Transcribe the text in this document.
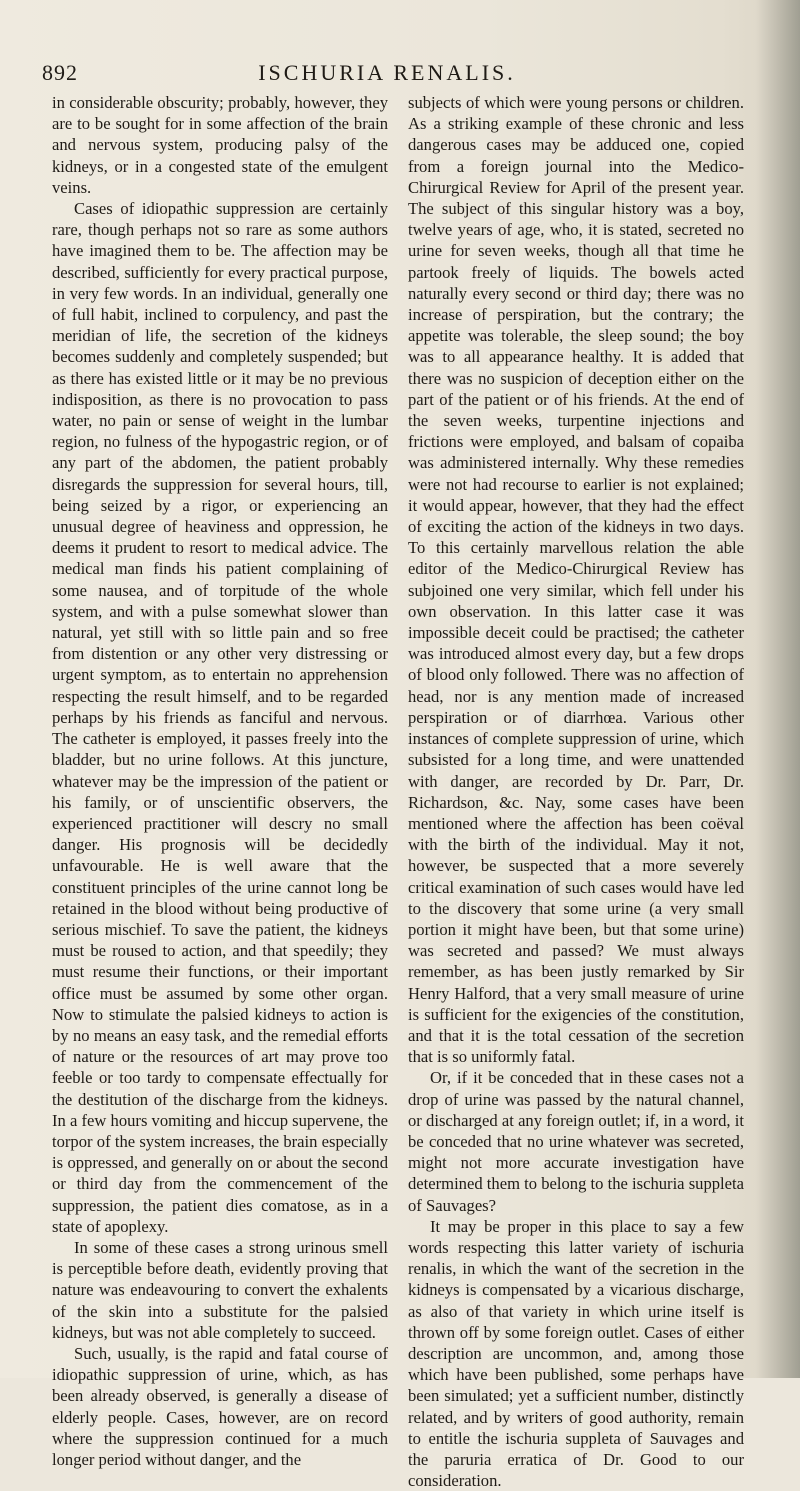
892	ISCHURIA RENALIS.

in considerable obscurity; probably, however, they are to be sought for in some affection of the brain and nervous system, producing palsy of the kidneys, or in a congested state of the emulgent veins.

Cases of idiopathic suppression are certainly rare, though perhaps not so rare as some authors have imagined them to be. The affection may be described, sufficiently for every practical purpose, in very few words. In an individual, generally one of full habit, inclined to corpulency, and past the meridian of life, the secretion of the kidneys becomes suddenly and completely suspended; but as there has existed little or it may be no previous indisposition, as there is no provocation to pass water, no pain or sense of weight in the lumbar region, no fulness of the hypogastric region, or of any part of the abdomen, the patient probably disregards the suppression for several hours, till, being seized by a rigor, or experiencing an unusual degree of heaviness and oppression, he deems it prudent to resort to medical advice. The medical man finds his patient complaining of some nausea, and of torpitude of the whole system, and with a pulse somewhat slower than natural, yet still with so little pain and so free from distention or any other very distressing or urgent symptom, as to entertain no apprehension respecting the result himself, and to be regarded perhaps by his friends as fanciful and nervous. The catheter is employed, it passes freely into the bladder, but no urine follows. At this juncture, whatever may be the impression of the patient or his family, or of unscientific observers, the experienced practitioner will descry no small danger. His prognosis will be decidedly unfavourable. He is well aware that the constituent principles of the urine cannot long be retained in the blood without being productive of serious mischief. To save the patient, the kidneys must be roused to action, and that speedily; they must resume their functions, or their important office must be assumed by some other organ. Now to stimulate the palsied kidneys to action is by no means an easy task, and the remedial efforts of nature or the resources of art may prove too feeble or too tardy to compensate effectually for the destitution of the discharge from the kidneys. In a few hours vomiting and hiccup supervene, the torpor of the system increases, the brain especially is oppressed, and generally on or about the second or third day from the commencement of the suppression, the patient dies comatose, as in a state of apoplexy.

In some of these cases a strong urinous smell is perceptible before death, evidently proving that nature was endeavouring to convert the exhalents of the skin into a substitute for the palsied kidneys, but was not able completely to succeed.

Such, usually, is the rapid and fatal course of idiopathic suppression of urine, which, as has been already observed, is generally a disease of elderly people. Cases, however, are on record where the suppression continued for a much longer period without danger, and the

subjects of which were young persons or children. As a striking example of these chronic and less dangerous cases may be adduced one, copied from a foreign journal into the Medico-Chirurgical Review for April of the present year. The subject of this singular history was a boy, twelve years of age, who, it is stated, secreted no urine for seven weeks, though all that time he partook freely of liquids. The bowels acted naturally every second or third day; there was no increase of perspiration, but the contrary; the appetite was tolerable, the sleep sound; the boy was to all appearance healthy. It is added that there was no suspicion of deception either on the part of the patient or of his friends. At the end of the seven weeks, turpentine injections and frictions were employed, and balsam of copaiba was administered internally. Why these remedies were not had recourse to earlier is not explained; it would appear, however, that they had the effect of exciting the action of the kidneys in two days. To this certainly marvellous relation the able editor of the Medico-Chirurgical Review has subjoined one very similar, which fell under his own observation. In this latter case it was impossible deceit could be practised; the catheter was introduced almost every day, but a few drops of blood only followed. There was no affection of head, nor is any mention made of increased perspiration or of diarrhœa. Various other instances of complete suppression of urine, which subsisted for a long time, and were unattended with danger, are recorded by Dr. Parr, Dr. Richardson, &c. Nay, some cases have been mentioned where the affection has been coëval with the birth of the individual. May it not, however, be suspected that a more severely critical examination of such cases would have led to the discovery that some urine (a very small portion it might have been, but that some urine) was secreted and passed? We must always remember, as has been justly remarked by Sir Henry Halford, that a very small measure of urine is sufficient for the exigencies of the constitution, and that it is the total cessation of the secretion that is so uniformly fatal.

Or, if it be conceded that in these cases not a drop of urine was passed by the natural channel, or discharged at any foreign outlet; if, in a word, it be conceded that no urine whatever was secreted, might not more accurate investigation have determined them to belong to the ischuria suppleta of Sauvages?

It may be proper in this place to say a few words respecting this latter variety of ischuria renalis, in which the want of the secretion in the kidneys is compensated by a vicarious discharge, as also of that variety in which urine itself is thrown off by some foreign outlet. Cases of either description are uncommon, and, among those which have been published, some perhaps have been simulated; yet a sufficient number, distinctly related, and by writers of good authority, remain to entitle the ischuria suppleta of Sauvages and the paruria erratica of Dr. Good to our consideration.
